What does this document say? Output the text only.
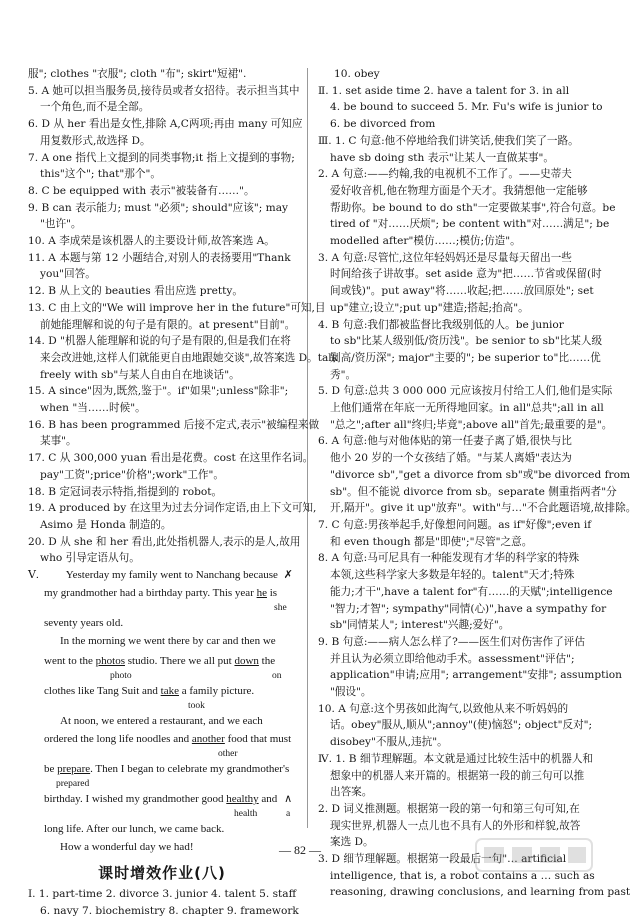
服"; clothes "衣服"; cloth "布"; skirt"短裙".
5. A 她可以担当服务员,接待员或者女招待。表示担当其中
一个角色,而不是全部。
6. D 从 her 看出是女性,排除 A,C两项;再由 many 可知应
用复数形式,故选择 D。
7. A one 指代上文提到的同类事物;it 指上文提到的事物;
this"这个"; that"那个"。
8. C be equipped with 表示"被装备有……"。
9. B can 表示能力; must "必须"; should"应该"; may
"也许"。
10. A 李成荣是该机器人的主要设计师,故答案选 A。
11. A 本题与第 12 小题结合,对别人的表扬要用"Thank
you"回答。
12. B 从上文的 beauties 看出应选 pretty。
13. C 由上文的"We will improve her in the future"可知,目
前她能理解和说的句子是有限的。at present"目前"。
14. D "机器人能理解和说的句子是有限的,但是我们在将
来会改进她,这样人们就能更自由地跟她交谈",故答案选 D。talk
freely with sb"与某人自由自在地谈话"。
15. A since"因为,既然,鉴于"。if"如果";unless"除非";
when "当……时候"。
16. B has been programmed 后接不定式,表示"被编程来做
某事"。
17. C 从 300,000 yuan 看出是花费。cost 在这里作名词。
pay"工资";price"价格";work"工作"。
18. B 定冠词表示特指,指提到的 robot。
19. A produced by 在这里为过去分词作定语,由上下文可知,
Asimo 是 Honda 制造的。
20. D 从 she 和 her 看出,此处指机器人,表示的是人,故用
who 引导定语从句。
Ⅴ. Yesterday my family went to Nanchang because ✗
my grandmother had a birthday party. This year he is
she
seventy years old.
In the morning we went there by car and then we
went to the photos studio. There we all put down the
photo	on
clothes like Tang Suit and take a family picture.
took
At noon, we entered a restaurant, and we each
ordered the long life noodles and another food that must
other
be prepare. Then I began to celebrate my grandmother's
prepared
birthday. I wished my grandmother good healthy and ∧
health	a
long life. After our lunch, we came back.
How a wonderful day we had!
课时增效作业(八)
Ⅰ. 1. part-time 2. divorce 3. junior 4. talent 5. staff
6. navy 7. biochemistry 8. chapter 9. framework
10. obey
Ⅱ. 1. set aside time 2. have a talent for 3. in all
4. be bound to succeed 5. Mr. Fu's wife is junior to
6. be divorced from
Ⅲ. 1. C 句意:他不停地给我们讲笑话,使我们笑了一路。
have sb doing sth 表示"让某人一直做某事"。
2. A 句意:——约翰,我的电视机不工作了。——史蒂夫
爱好收音机,他在物理方面是个天才。我猜想他一定能够
帮助你。be bound to do sth"一定要做某事",符合句意。be
tired of "对……厌烦"; be content with"对……满足"; be
modelled after"模仿……;模仿;仿造"。
3. A 句意:尽管忙,这位年轻妈妈还是尽量每天留出一些
时间给孩子讲故事。set aside 意为"把……节省或保留(时
间或钱)"。put away"将……收起;把……放回原处"; set
up"建立;设立";put up"建造;搭起;抬高"。
4. B 句意:我们都被监督比我级别低的人。be junior
to sb"比某人级别低/资历浅"。be senior to sb"比某人级
别高/资历深"; major"主要的"; be superior to"比……优
秀"。
5. D 句意:总共 3 000 000 元应该按月付给工人们,他们是实际
上他们通常在年底一无所得地回家。in all"总共";all in all
"总之";after all"终归;毕竟";above all"首先;最重要的是"。
6. A 句意:他与对他体贴的第一任妻子离了婚,很快与比
他小 20 岁的一个女孩结了婚。"与某人离婚"表达为
"divorce sb","get a divorce from sb"或"be divorced from
sb"。但不能说 divorce from sb。separate 侧重指两者"分
开,隔开"。give it up"放弃"。with"与…"不合此题语境,故排除。
7. C 句意:男孩举起手,好像想问问题。as if"好像";even if
和 even though 都是"即使";"尽管"之意。
8. A 句意:马可尼具有一种能发现有才华的科学家的特殊
本领,这些科学家大多数是年轻的。talent"天才;特殊
能力;才干",have a talent for"有……的天赋";intelligence
"智力;才智"; sympathy"同情(心)",have a sympathy for
sb"同情某人"; interest"兴趣;爱好"。
9. B 句意:——病人怎么样了?——医生们对伤害作了评估
并且认为必须立即给他动手术。assessment"评估";
application"申请;应用"; arrangement"安排"; assumption
"假设"。
10. A 句意:这个男孩如此淘气,以致他从来不听妈妈的
话。obey"服从,顺从";annoy"(使)恼怒"; object"反对";
disobey"不服从,违抗"。
Ⅳ. 1. B 细节理解题。本文就是通过比较生活中的机器人和
想象中的机器人来开篇的。根据第一段的前三句可以推
出答案。
2. D 词义推测题。根据第一段的第一句和第三句可知,在
现实世界,机器人一点儿也不具有人的外形和样貌,故答
案选 D。
3. D 细节理解题。根据第一段最后一句"… artificial
intelligence, that is, a robot contains a … such as
reasoning, drawing conclusions, and learning from past
— 82 —
